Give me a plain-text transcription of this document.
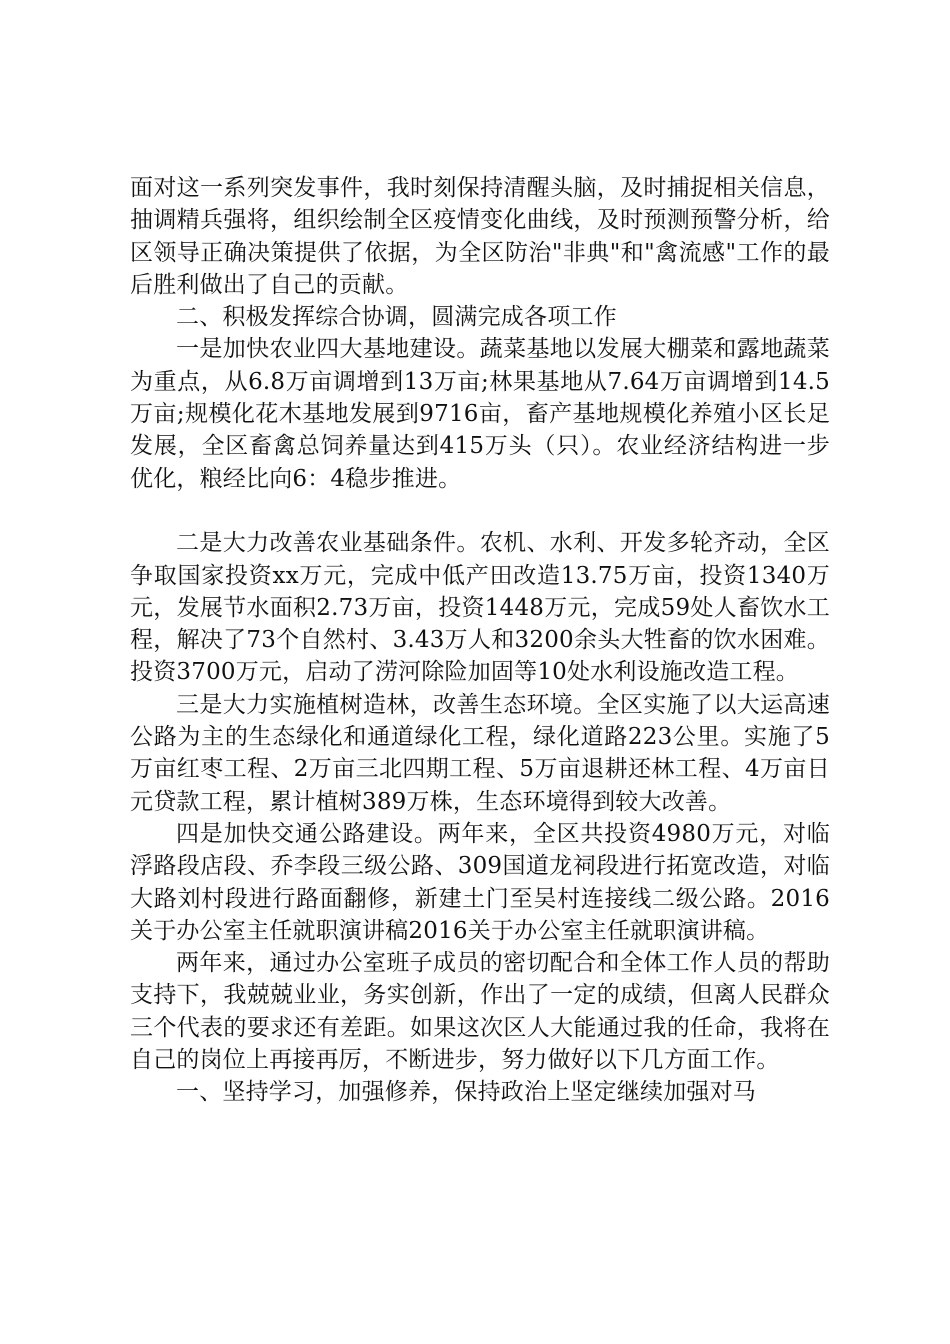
面对这一系列突发事件，我时刻保持清醒头脑，及时捕捉相关信息，抽调精兵强将，组织绘制全区疫情变化曲线，及时预测预警分析，给区领导正确决策提供了依据，为全区防治"非典"和"禽流感"工作的最后胜利做出了自己的贡献。

二、积极发挥综合协调，圆满完成各项工作

一是加快农业四大基地建设。蔬菜基地以发展大棚菜和露地蔬菜为重点，从6.8万亩调增到13万亩;林果基地从7.64万亩调增到14.5万亩;规模化花木基地发展到9716亩，畜产基地规模化养殖小区长足发展，全区畜禽总饲养量达到415万头（只）。农业经济结构进一步优化，粮经比向6：4稳步推进。

二是大力改善农业基础条件。农机、水利、开发多轮齐动，全区争取国家投资xx万元，完成中低产田改造13.75万亩，投资1340万元，发展节水面积2.73万亩，投资1448万元，完成59处人畜饮水工程，解决了73个自然村、3.43万人和3200余头大牲畜的饮水困难。投资3700万元，启动了涝河除险加固等10处水利设施改造工程。

三是大力实施植树造林，改善生态环境。全区实施了以大运高速公路为主的生态绿化和通道绿化工程，绿化道路223公里。实施了5万亩红枣工程、2万亩三北四期工程、5万亩退耕还林工程、4万亩日元贷款工程，累计植树389万株，生态环境得到较大改善。

四是加快交通公路建设。两年来，全区共投资4980万元，对临浮路段店段、乔李段三级公路、309国道龙祠段进行拓宽改造，对临大路刘村段进行路面翻修，新建土门至吴村连接线二级公路。2016关于办公室主任就职演讲稿2016关于办公室主任就职演讲稿。

两年来，通过办公室班子成员的密切配合和全体工作人员的帮助支持下，我兢兢业业，务实创新，作出了一定的成绩，但离人民群众三个代表的要求还有差距。如果这次区人大能通过我的任命，我将在自己的岗位上再接再厉，不断进步，努力做好以下几方面工作。

一、坚持学习，加强修养，保持政治上坚定继续加强对马
